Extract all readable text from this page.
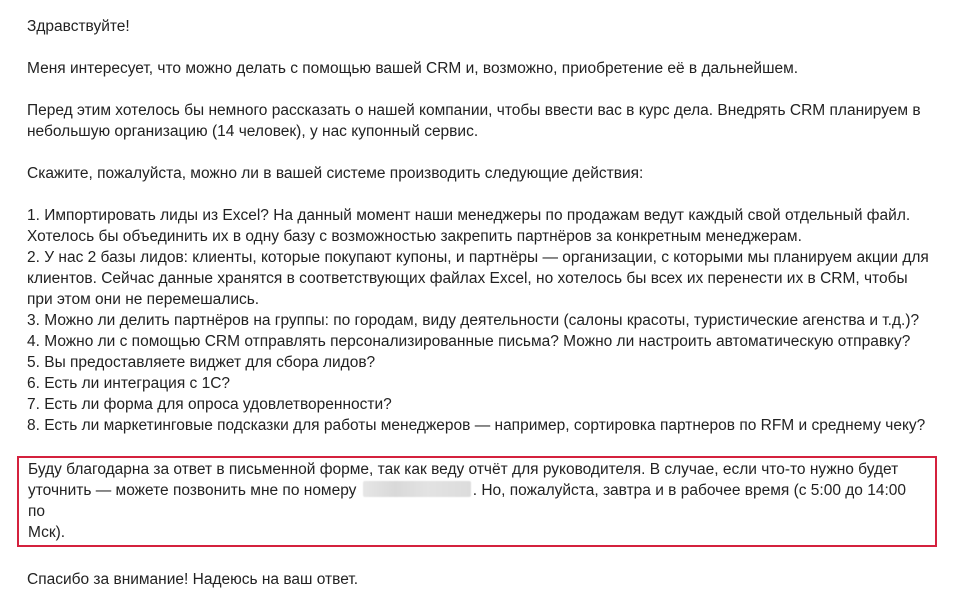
Здравствуйте!

Меня интересует, что можно делать с помощью вашей CRM и, возможно, приобретение её в дальнейшем.

Перед этим хотелось бы немного рассказать о нашей компании, чтобы ввести вас в курс дела. Внедрять CRM планируем в
небольшую организацию (14 человек), у нас купонный сервис.

Скажите, пожалуйста, можно ли в вашей системе производить следующие действия:

1. Импортировать лиды из Excel? На данный момент наши менеджеры по продажам ведут каждый свой отдельный файл.
Хотелось бы объединить их в одну базу с возможностью закрепить партнёров за конкретным менеджерам.
2. У нас 2 базы лидов: клиенты, которые покупают купоны, и партнёры — организации, с которыми мы планируем акции для
клиентов. Сейчас данные хранятся в соответствующих файлах Excel, но хотелось бы всех их перенести их в CRM, чтобы
при этом они не перемешались.
3. Можно ли делить партнёров на группы: по городам, виду деятельности (салоны красоты, туристические агенства и т.д.)?
4. Можно ли с помощью CRM отправлять персонализированные письма? Можно ли настроить автоматическую отправку?
5. Вы предоставляете виджет для сбора лидов?
6. Есть ли интеграция с 1С?
7. Есть ли форма для опроса удовлетворенности?
8. Есть ли маркетинговые подсказки для работы менеджеров — например, сортировка партнеров по RFM и среднему чеку?
Буду благодарна за ответ в письменной форме, так как веду отчёт для руководителя. В случае, если что-то нужно будет
уточнить — можете позвонить мне по номеру	. Но, пожалуйста, завтра и в рабочее время (с 5:00 до 14:00 по
Мск).

Спасибо за внимание! Надеюсь на ваш ответ.
